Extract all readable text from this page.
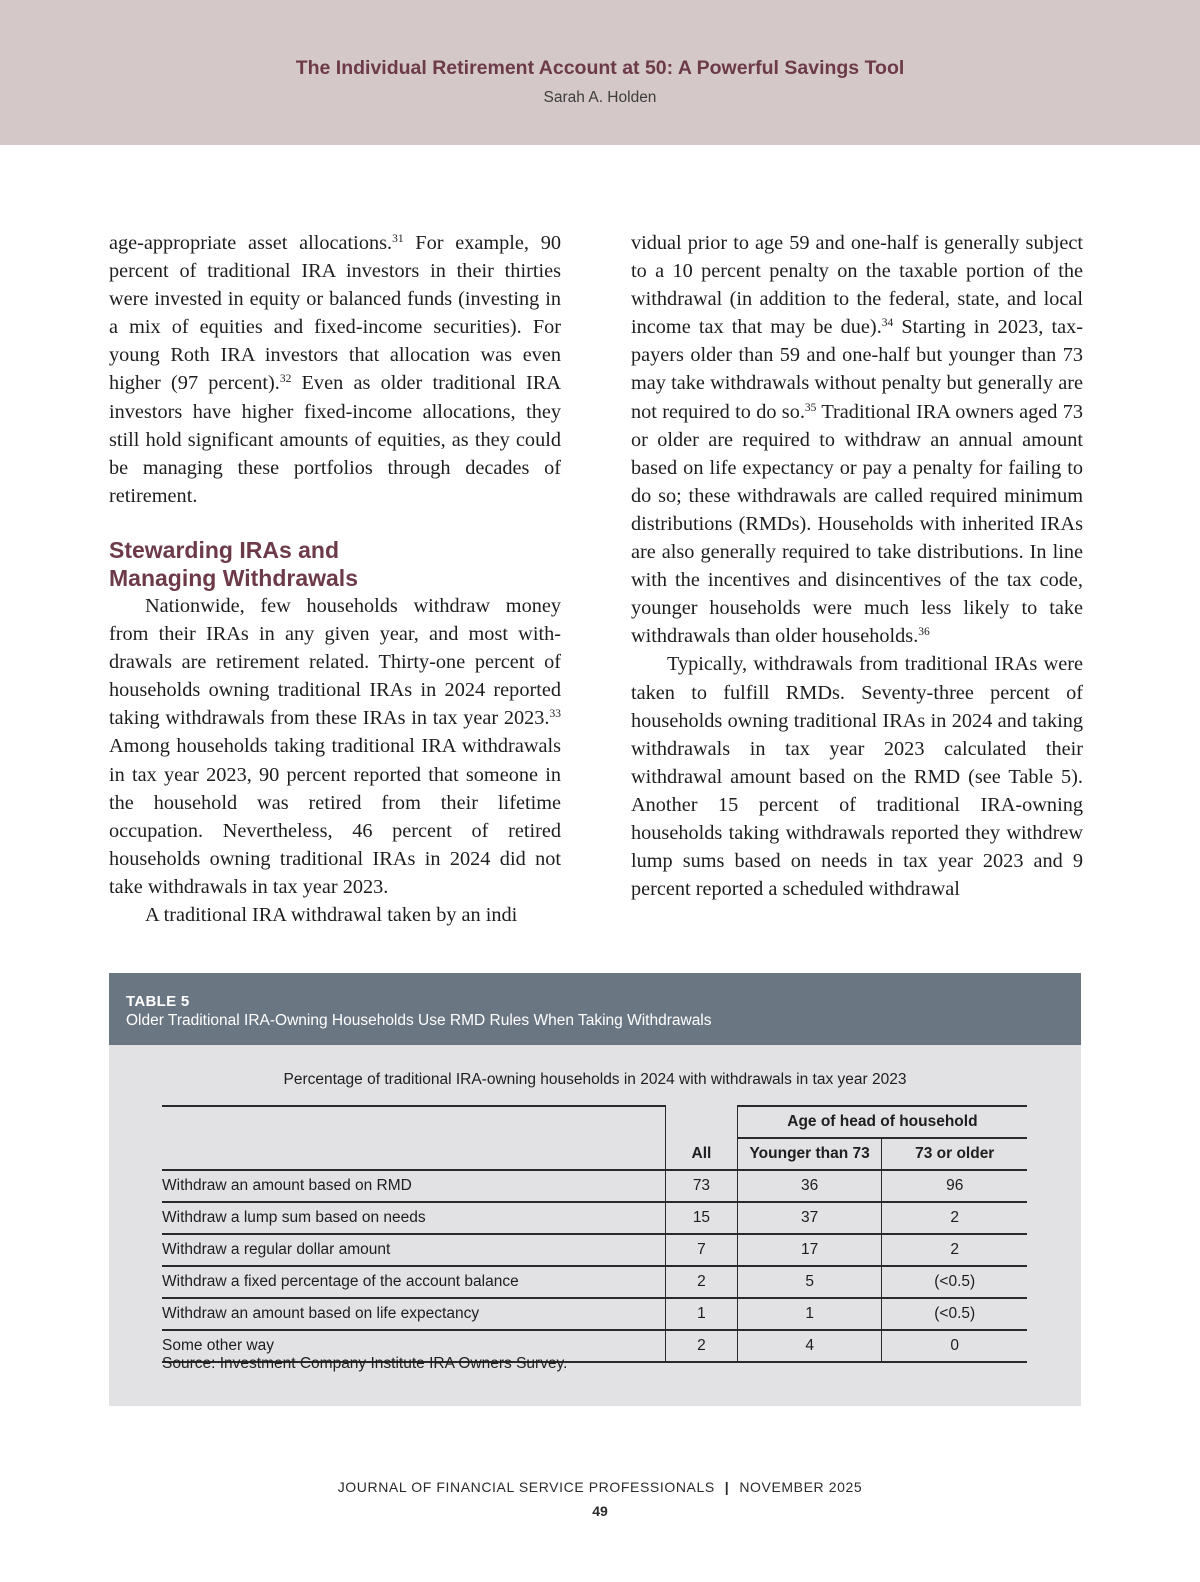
The Individual Retirement Account at 50: A Powerful Savings Tool
Sarah A. Holden

age-appropriate asset allocations.$^{31}$ For example, 90 percent of traditional IRA investors in their thirties were invested in equity or balanced funds (investing in a mix of equities and fixed-income securities). For young Roth IRA investors that allocation was even higher (97 percent).$^{32}$ Even as older traditional IRA investors have higher fixed-income allocations, they still hold significant amounts of equities, as they could be managing these portfolios through decades of retirement.

Stewarding IRAs and
Managing Withdrawals

Nationwide, few households withdraw money from their IRAs in any given year, and most withdrawals are retirement related. Thirty-one percent of households owning traditional IRAs in 2024 reported taking withdrawals from these IRAs in tax year 2023.33 Among households taking traditional IRA withdrawals in tax year 2023, 90 percent reported that someone in the household was retired from their lifetime occupation. Nevertheless, 46 percent of retired households owning traditional IRAs in 2024 did not take withdrawals in tax year 2023.

A traditional IRA withdrawal taken by an indi

vidual prior to age 59 and one-half is generally subject to a 10 percent penalty on the taxable portion of the withdrawal (in addition to the federal, state, and local income tax that may be due).$^{34}$ Starting in 2023, taxpayers older than 59 and one-half but younger than 73 may take withdrawals without penalty but generally are not required to do so.$^{35}$ Traditional IRA owners aged 73 or older are required to withdraw an annual amount based on life expectancy or pay a penalty for failing to do so; these withdrawals are called required minimum distributions (RMDs). Households with inherited IRAs are also generally required to take distributions. In line with the incentives and disincentives of the tax code, younger households were much less likely to take withdrawals than older households.$^{36}$

Typically, withdrawals from traditional IRAs were taken to fulfill RMDs. Seventy-three percent of households owning traditional IRAs in 2024 and taking withdrawals in tax year 2023 calculated their withdrawal amount based on the RMD (see Table 5). Another 15 percent of traditional IRA-owning households taking withdrawals reported they withdrew lump sums based on needs in tax year 2023 and 9 percent reported a scheduled withdrawal

TABLE 5
Older Traditional IRA-Owning Households Use RMD Rules When Taking Withdrawals
Percentage of traditional IRA-owning households in 2024 with withdrawals in tax year 2023
		Age of head of household	
	All	Younger than 73	73 or older
Withdraw an amount based on RMD	73	36	96
Withdraw a lump sum based on needs	15	37	2
Withdraw a regular dollar amount	7	17	2
Withdraw a fixed percentage of the account balance	2	5	(<0.5)
Withdraw an amount based on life expectancy	1	1	(<0.5)
Some other way	2	4	0
Source: Investment Company Institute IRA Owners Survey.
JOURNAL OF FINANCIAL SERVICE PROFESSIONALS | NOVEMBER 2025
49
